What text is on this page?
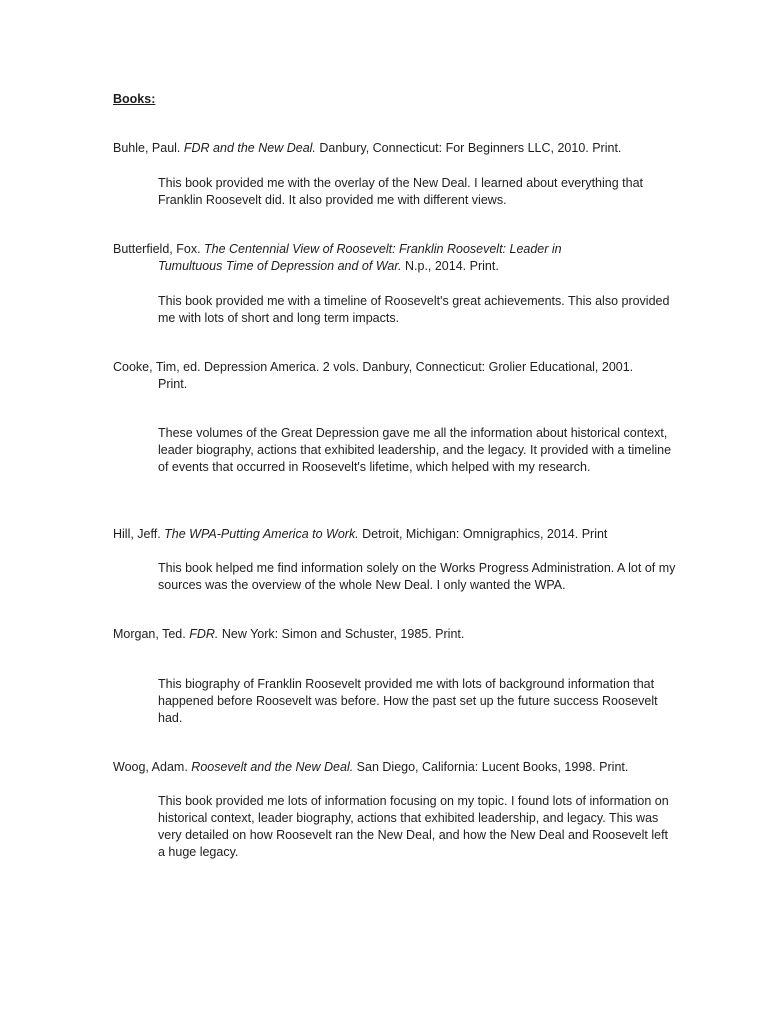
Books:

Buhle, Paul. FDR and the New Deal. Danbury, Connecticut: For Beginners LLC, 2010. Print.

This book provided me with the overlay of the New Deal. I learned about everything that Franklin Roosevelt did. It also provided me with different views.

Butterfield, Fox. The Centennial View of Roosevelt: Franklin Roosevelt: Leader in
Tumultuous Time of Depression and of War. N.p., 2014. Print.

This book provided me with a timeline of Roosevelt's great achievements. This also provided me with lots of short and long term impacts.

Cooke, Tim, ed. Depression America. 2 vols. Danbury, Connecticut: Grolier Educational, 2001.
Print.

These volumes of the Great Depression gave me all the information about historical context, leader biography, actions that exhibited leadership, and the legacy. It provided with a timeline of events that occurred in Roosevelt's lifetime, which helped with my research.

Hill, Jeff. The WPA-Putting America to Work. Detroit, Michigan: Omnigraphics, 2014. Print

This book helped me find information solely on the Works Progress Administration. A lot of my sources was the overview of the whole New Deal. I only wanted the WPA.

Morgan, Ted. FDR. New York: Simon and Schuster, 1985. Print.

This biography of Franklin Roosevelt provided me with lots of background information that happened before Roosevelt was before. How the past set up the future success Roosevelt had.

Woog, Adam. Roosevelt and the New Deal. San Diego, California: Lucent Books, 1998. Print.

This book provided me lots of information focusing on my topic. I found lots of information on historical context, leader biography, actions that exhibited leadership, and legacy. This was very detailed on how Roosevelt ran the New Deal, and how the New Deal and Roosevelt left a huge legacy.
